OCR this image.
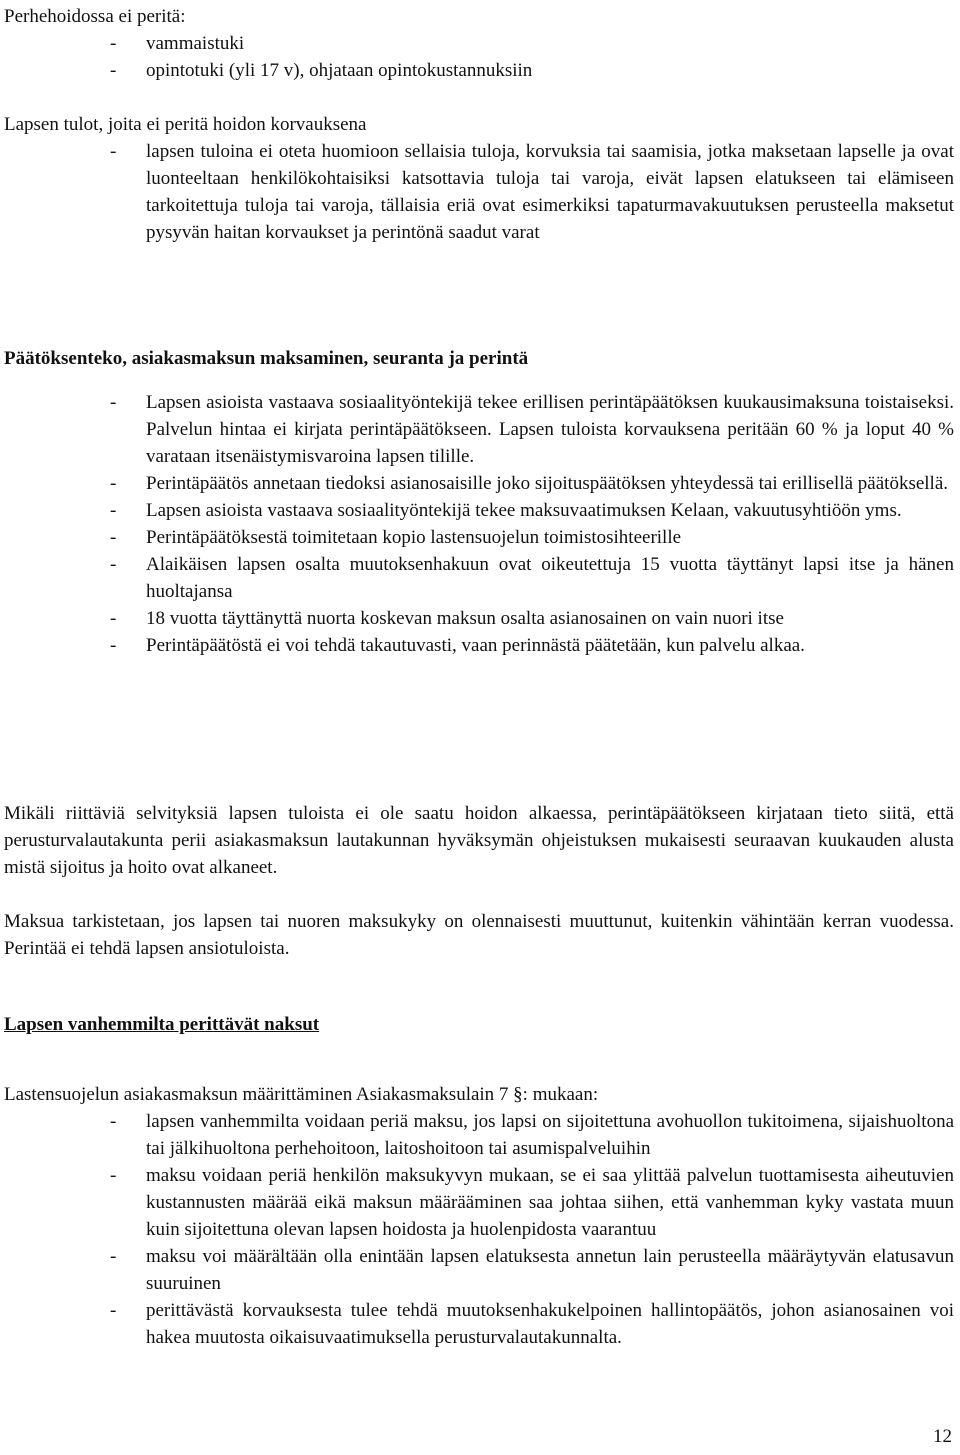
Perhehoidossa ei peritä:

- vammaistuki
- opintotuki (yli 17 v), ohjataan opintokustannuksiin

Lapsen tulot, joita ei peritä hoidon korvauksena

- lapsen tuloina ei oteta huomioon sellaisia tuloja, korvuksia tai saamisia, jotka maksetaan lapselle ja ovat luonteeltaan henkilökohtaisiksi katsottavia tuloja tai varoja, eivät lapsen elatukseen tai elämiseen tarkoitettuja tuloja tai varoja, tällaisia eriä ovat esimerkiksi tapaturmavakuutuksen perusteella maksetut pysyvän haitan korvaukset ja perintönä saadut varat

Päätöksenteko, asiakasmaksun maksaminen, seuranta ja perintä

- Lapsen asioista vastaava sosiaalityöntekijä tekee erillisen perintäpäätöksen kuukausimaksuna toistaiseksi. Palvelun hintaa ei kirjata perintäpäätökseen. Lapsen tuloista korvauksena peritään 60 % ja loput 40 % varataan itsenäistymisvaroina lapsen tilille.
- Perintäpäätös annetaan tiedoksi asianosaisille joko sijoituspäätöksen yhteydessä tai erillisellä päätöksellä.
- Lapsen asioista vastaava sosiaalityöntekijä tekee maksuvaatimuksen Kelaan, vakuutusyhtiöön yms.
- Perintäpäätöksestä toimitetaan kopio lastensuojelun toimistosihteerille
- Alaikäisen lapsen osalta muutoksenhakuun ovat oikeutettuja 15 vuotta täyttänyt lapsi itse ja hänen huoltajansa
- 18 vuotta täyttänyttä nuorta koskevan maksun osalta asianosainen on vain nuori itse
- Perintäpäätöstä ei voi tehdä takautuvasti, vaan perinnästä päätetään, kun palvelu alkaa.

Mikäli riittäviä selvityksiä lapsen tuloista ei ole saatu hoidon alkaessa, perintäpäätökseen kirjataan tieto siitä, että perusturvalautakunta perii asiakasmaksun lautakunnan hyväksymän ohjeistuksen mukaisesti seuraavan kuukauden alusta mistä sijoitus ja hoito ovat alkaneet.

Maksua tarkistetaan, jos lapsen tai nuoren maksukyky on olennaisesti muuttunut, kuitenkin vähintään kerran vuodessa. Perintää ei tehdä lapsen ansiotuloista.

Lapsen vanhemmilta perittävät naksut

Lastensuojelun asiakasmaksun määrittäminen Asiakasmaksulain 7 §: mukaan:

- lapsen vanhemmilta voidaan periä maksu, jos lapsi on sijoitettuna avohuollon tukitoimena, sijaishuoltona tai jälkihuoltona perhehoitoon, laitoshoitoon tai asumispalveluihin
- maksu voidaan periä henkilön maksukyvyn mukaan, se ei saa ylittää palvelun tuottamisesta aiheutuvien kustannusten määrää eikä maksun määrääminen saa johtaa siihen, että vanhemman kyky vastata muun kuin sijoitettuna olevan lapsen hoidosta ja huolenpidosta vaarantuu
- maksu voi määrältään olla enintään lapsen elatuksesta annetun lain perusteella määräytyvän elatusavun suuruinen
- perittävästä korvauksesta tulee tehdä muutoksenhakukelpoinen hallintopäätös, johon asianosainen voi hakea muutosta oikaisuvaatimuksella perusturvalautakunnalta.
12
